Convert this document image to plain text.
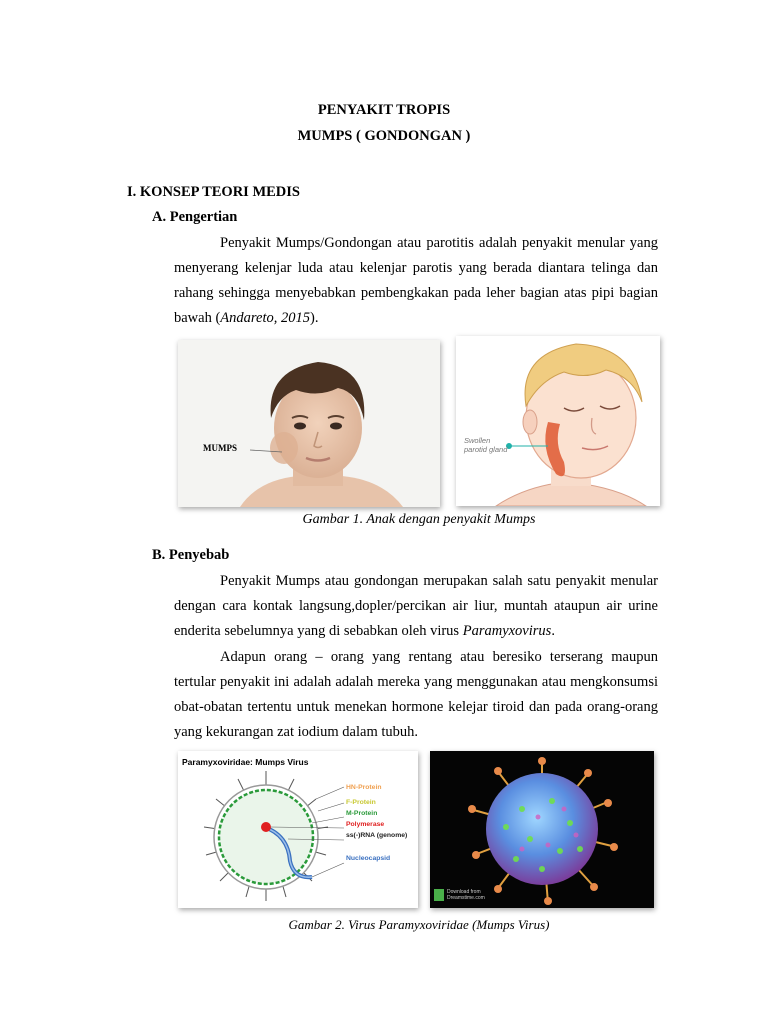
PENYAKIT TROPIS
MUMPS ( GONDONGAN )
I. KONSEP TEORI MEDIS
A. Pengertian
Penyakit Mumps/Gondongan atau parotitis adalah penyakit menular yang menyerang kelenjar luda atau kelenjar parotis yang berada diantara telinga dan rahang sehingga menyebabkan pembengkakan pada leher bagian atas pipi bagian bawah (Andareto, 2015).
MUMPS
Swollen
parotid gland
Gambar 1. Anak dengan penyakit Mumps
B. Penyebab
Penyakit Mumps atau gondongan merupakan salah satu penyakit menular dengan cara kontak langsung,dopler/percikan air liur, muntah ataupun air urine enderita sebelumnya yang di sebabkan oleh virus Paramyxovirus.
Adapun orang – orang yang rentang atau beresiko terserang maupun tertular penyakit ini adalah adalah mereka yang menggunakan atau mengkonsumsi obat-obatan tertentu untuk menekan hormone kelejar tiroid dan pada orang-orang yang kekurangan zat iodium dalam tubuh.
Paramyxoviridae: Mumps Virus
HN-Protein
F-Protein
M-Protein
Polymerase
ss(-)RNA (genome)
Nucleocapsid
Download from
Dreamstime.com
Gambar 2. Virus Paramyxoviridae (Mumps Virus)
